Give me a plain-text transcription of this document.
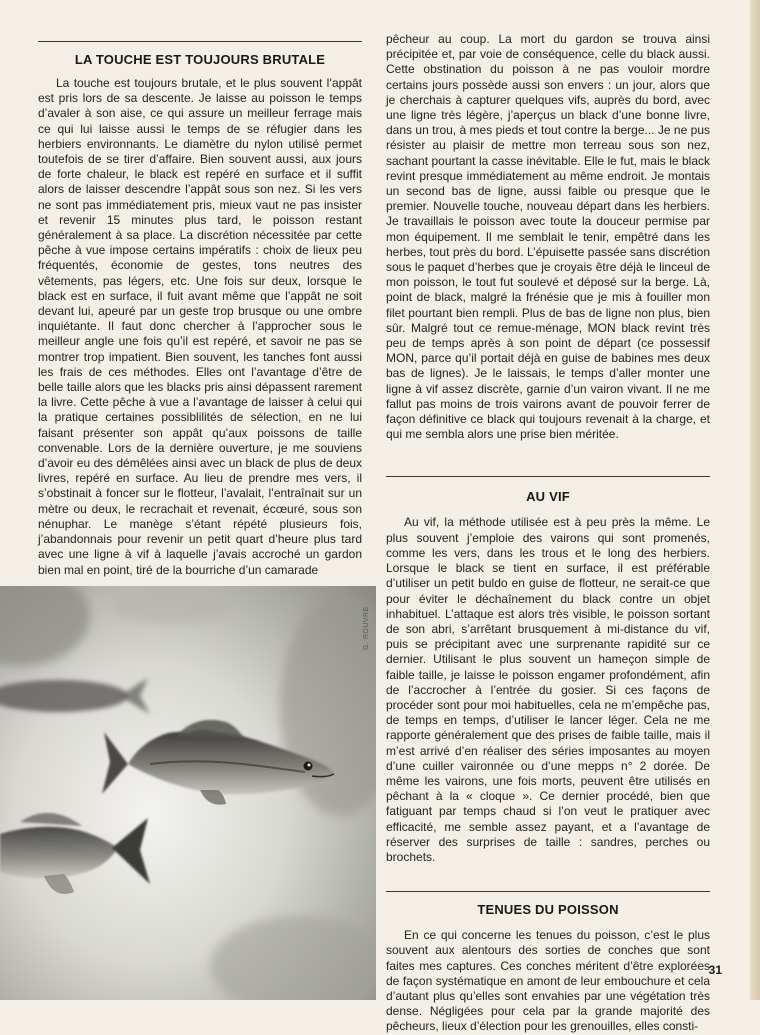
LA TOUCHE EST TOUJOURS BRUTALE

La touche est toujours brutale, et le plus souvent l’appât est pris lors de sa descente. Je laisse au poisson le temps d’avaler à son aise, ce qui assure un meilleur ferrage mais ce qui lui laisse aussi le temps de se réfugier dans les herbiers environnants. Le diamètre du nylon utilisé permet toutefois de se tirer d’affaire. Bien souvent aussi, aux jours de forte chaleur, le black est repéré en surface et il suffit alors de laisser descendre l’appât sous son nez. Si les vers ne sont pas immédiatement pris, mieux vaut ne pas insister et revenir 15 minutes plus tard, le poisson restant généralement à sa place. La discrétion nécessitée par cette pêche à vue impose certains impératifs : choix de lieux peu fréquentés, économie de gestes, tons neutres des vêtements, pas légers, etc. Une fois sur deux, lorsque le black est en surface, il fuit avant même que l’appât ne soit devant lui, apeuré par un geste trop brusque ou une ombre inquiétante. Il faut donc chercher à l’approcher sous le meilleur angle une fois qu’il est repéré, et savoir ne pas se montrer trop impatient. Bien souvent, les tanches font aussi les frais de ces méthodes. Elles ont l’avantage d’être de belle taille alors que les blacks pris ainsi dépassent rarement la livre. Cette pêche à vue a l’avantage de laisser à celui qui la pratique certaines possiblilités de sélection, en ne lui faisant présenter son appât qu’aux poissons de taille convenable. Lors de la dernière ouverture, je me souviens d’avoir eu des démêlées ainsi avec un black de plus de deux livres, repéré en surface. Au lieu de prendre mes vers, il s’obstinait à foncer sur le flotteur, l’avalait, l’entraînait sur un mètre ou deux, le recrachait et revenait, écœuré, sous son nénuphar. Le manège s’étant répété plusieurs fois, j’abandonnais pour revenir un petit quart d’heure plus tard avec une ligne à vif à laquelle j’avais accroché un gardon bien mal en point, tiré de la bourriche d’un camarade

G. ROUVRE

pêcheur au coup. La mort du gardon se trouva ainsi précipitée et, par voie de conséquence, celle du black aussi. Cette obstination du poisson à ne pas vouloir mordre certains jours possède aussi son envers : un jour, alors que je cherchais à capturer quelques vifs, auprès du bord, avec une ligne très légère, j’aperçus un black d’une bonne livre, dans un trou, à mes pieds et tout contre la berge... Je ne pus résister au plaisir de mettre mon terreau sous son nez, sachant pourtant la casse inévitable. Elle le fut, mais le black revint presque immédiatement au même endroit. Je montais un second bas de ligne, aussi faible ou presque que le premier. Nouvelle touche, nouveau départ dans les herbiers. Je travaillais le poisson avec toute la douceur permise par mon équipement. Il me semblait le tenir, empêtré dans les herbes, tout près du bord. L’épuisette passée sans discrétion sous le paquet d’herbes que je croyais être déjà le linceul de mon poisson, le tout fut soulevé et déposé sur la berge. Là, point de black, malgré la frénésie que je mis à fouiller mon filet pourtant bien rempli. Plus de bas de ligne non plus, bien sûr. Malgré tout ce remue-ménage, MON black revint très peu de temps après à son point de départ (ce possessif MON, parce qu’il portait déjà en guise de babines mes deux bas de lignes). Je le laissais, le temps d’aller monter une ligne à vif assez discrète, garnie d’un vairon vivant. Il ne me fallut pas moins de trois vairons avant de pouvoir ferrer de façon définitive ce black qui toujours revenait à la charge, et qui me sembla alors une prise bien méritée.

AU VIF

Au vif, la méthode utilisée est à peu près la même. Le plus souvent j’emploie des vairons qui sont promenés, comme les vers, dans les trous et le long des herbiers. Lorsque le black se tient en surface, il est préférable d’utiliser un petit buldo en guise de flotteur, ne serait-ce que pour éviter le déchaînement du black contre un objet inhabituel. L’attaque est alors très visible, le poisson sortant de son abri, s’arrêtant brusquement à mi-distance du vif, puis se précipitant avec une surprenante rapidité sur ce dernier. Utilisant le plus souvent un hameçon simple de faible taille, je laisse le poisson engamer profondément, afin de l’accrocher à l’entrée du gosier. Si ces façons de procéder sont pour moi habituelles, cela ne m’empêche pas, de temps en temps, d’utiliser le lancer léger. Cela ne me rapporte généralement que des prises de faible taille, mais il m’est arrivé d’en réaliser des séries imposantes au moyen d’une cuiller vaironnée ou d’une mepps n° 2 dorée. De même les vairons, une fois morts, peuvent être utilisés en pêchant à la « cloque ». Ce dernier procédé, bien que fatiguant par temps chaud si l’on veut le pratiquer avec efficacité, me semble assez payant, et a l’avantage de réserver des surprises de taille : sandres, perches ou brochets.

TENUES DU POISSON

En ce qui concerne les tenues du poisson, c’est le plus souvent aux alentours des sorties de conches que sont faites mes captures. Ces conches méritent d’être explorées de façon systématique en amont de leur embouchure et cela d’autant plus qu’elles sont envahies par une végétation très dense. Négligées pour cela par la grande majorité des pêcheurs, lieux d’élection pour les grenouilles, elles consti-

31
